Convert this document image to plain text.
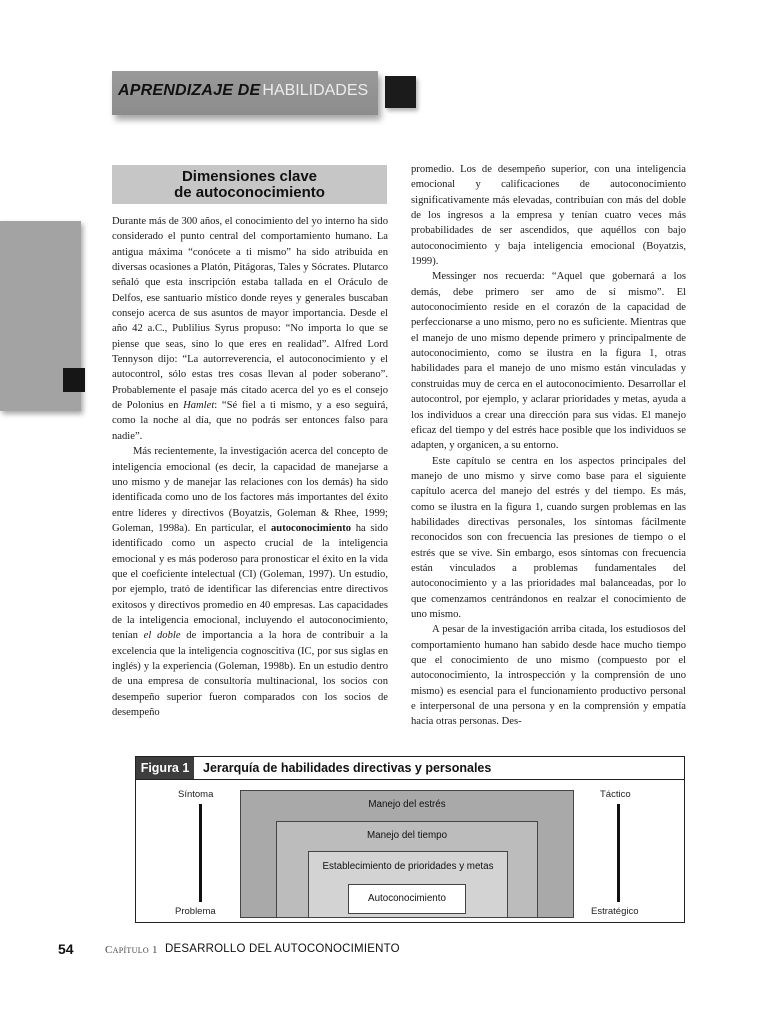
APRENDIZAJE DE HABILIDADES
Dimensiones clave
de autoconocimiento

Durante más de 300 años, el conocimiento del yo interno ha sido considerado el punto central del comportamiento humano. La antigua máxima “conócete a ti mismo” ha sido atribuida en diversas ocasiones a Platón, Pitágoras, Tales y Sócrates. Plutarco señaló que esta inscripción estaba tallada en el Oráculo de Delfos, ese santuario místico donde reyes y generales buscaban consejo acerca de sus asuntos de mayor importancia. Desde el año 42 a.C., Publilius Syrus propuso: “No importa lo que se piense que seas, sino lo que eres en realidad”. Alfred Lord Tennyson dijo: “La autorreverencia, el autoconocimiento y el autocontrol, sólo estas tres cosas llevan al poder soberano”. Probablemente el pasaje más citado acerca del yo es el consejo de Polonius en Hamlet: “Sé fiel a ti mismo, y a eso seguirá, como la noche al día, que no podrás ser entonces falso para nadie”.

Más recientemente, la investigación acerca del concepto de inteligencia emocional (es decir, la capacidad de manejarse a uno mismo y de manejar las relaciones con los demás) ha sido identificada como uno de los factores más importantes del éxito entre líderes y directivos (Boyatzis, Goleman & Rhee, 1999; Goleman, 1998a). En particular, el autoconocimiento ha sido identificado como un aspecto crucial de la inteligencia emocional y es más poderoso para pronosticar el éxito en la vida que el coeficiente intelectual (CI) (Goleman, 1997). Un estudio, por ejemplo, trató de identificar las diferencias entre directivos exitosos y directivos promedio en 40 empresas. Las capacidades de la inteligencia emocional, incluyendo el autoconocimiento, tenían el doble de importancia a la hora de contribuir a la excelencia que la inteligencia cognoscitiva (IC, por sus siglas en inglés) y la experiencia (Goleman, 1998b). En un estudio dentro de una empresa de consultoría multinacional, los socios con desempeño superior fueron comparados con los socios de desempeño

promedio. Los de desempeño superior, con una inteligencia emocional y calificaciones de autoconocimiento significativamente más elevadas, contribuían con más del doble de los ingresos a la empresa y tenían cuatro veces más probabilidades de ser ascendidos, que aquéllos con bajo autoconocimiento y baja inteligencia emocional (Boyatzis, 1999).

Messinger nos recuerda: “Aquel que gobernará a los demás, debe primero ser amo de sí mismo”. El autoconocimiento reside en el corazón de la capacidad de perfeccionarse a uno mismo, pero no es suficiente. Mientras que el manejo de uno mismo depende primero y principalmente de autoconocimiento, como se ilustra en la figura 1, otras habilidades para el manejo de uno mismo están vinculadas y construidas muy de cerca en el autoconocimiento. Desarrollar el autocontrol, por ejemplo, y aclarar prioridades y metas, ayuda a los individuos a crear una dirección para sus vidas. El manejo eficaz del tiempo y del estrés hace posible que los individuos se adapten, y organicen, a su entorno.

Este capítulo se centra en los aspectos principales del manejo de uno mismo y sirve como base para el siguiente capítulo acerca del manejo del estrés y del tiempo. Es más, como se ilustra en la figura 1, cuando surgen problemas en las habilidades directivas personales, los síntomas fácilmente reconocidos son con frecuencia las presiones de tiempo o el estrés que se vive. Sin embargo, esos síntomas con frecuencia están vinculados a problemas fundamentales del autoconocimiento y a las prioridades mal balanceadas, por lo que comenzamos centrándonos en realzar el conocimiento de uno mismo.

A pesar de la investigación arriba citada, los estudiosos del comportamiento humano han sabido desde hace mucho tiempo que el conocimiento de uno mismo (compuesto por el autoconocimiento, la introspección y la comprensión de uno mismo) es esencial para el funcionamiento productivo personal e interpersonal de una persona y en la comprensión y empatía hacia otras personas. Des-

Figura 1	Jerarquía de habilidades directivas y personales
Síntoma
Problema
Táctico
Estratégico
Manejo del estrés
Manejo del tiempo
Establecimiento de prioridades y metas
Autoconocimiento
54	Capítulo 1 DESARROLLO DEL AUTOCONOCIMIENTO
